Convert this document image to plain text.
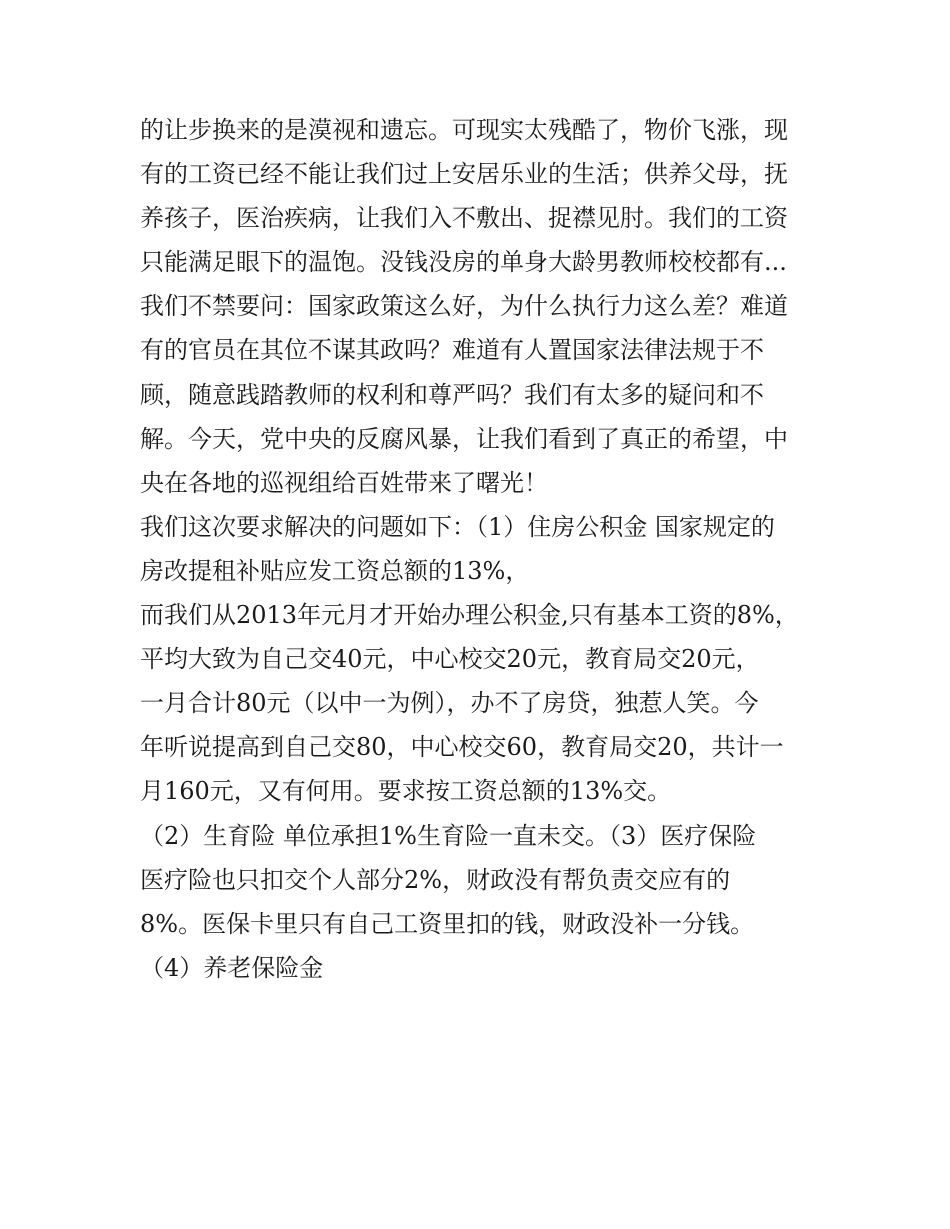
的让步换来的是漠视和遗忘。可现实太残酷了，物价飞涨，现
有的工资已经不能让我们过上安居乐业的生活；供养父母，抚
养孩子，医治疾病，让我们入不敷出、捉襟见肘。我们的工资
只能满足眼下的温饱。没钱没房的单身大龄男教师校校都有...
我们不禁要问：国家政策这么好，为什么执行力这么差？难道
有的官员在其位不谋其政吗？难道有人置国家法律法规于不
顾，随意践踏教师的权利和尊严吗？我们有太多的疑问和不
解。今天，党中央的反腐风暴，让我们看到了真正的希望，中
央在各地的巡视组给百姓带来了曙光！
我们这次要求解决的问题如下：（1）住房公积金 国家规定的
房改提租补贴应发工资总额的13%，
而我们从2013年元月才开始办理公积金,只有基本工资的8%，
平均大致为自己交40元，中心校交20元，教育局交20元，
一月合计80元（以中一为例），办不了房贷，独惹人笑。今
年听说提高到自己交80，中心校交60，教育局交20，共计一
月160元，又有何用。要求按工资总额的13%交。
（2）生育险 单位承担1%生育险一直未交。（3）医疗保险
医疗险也只扣交个人部分2%，财政没有帮负责交应有的
8%。医保卡里只有自己工资里扣的钱，财政没补一分钱。
（4）养老保险金
